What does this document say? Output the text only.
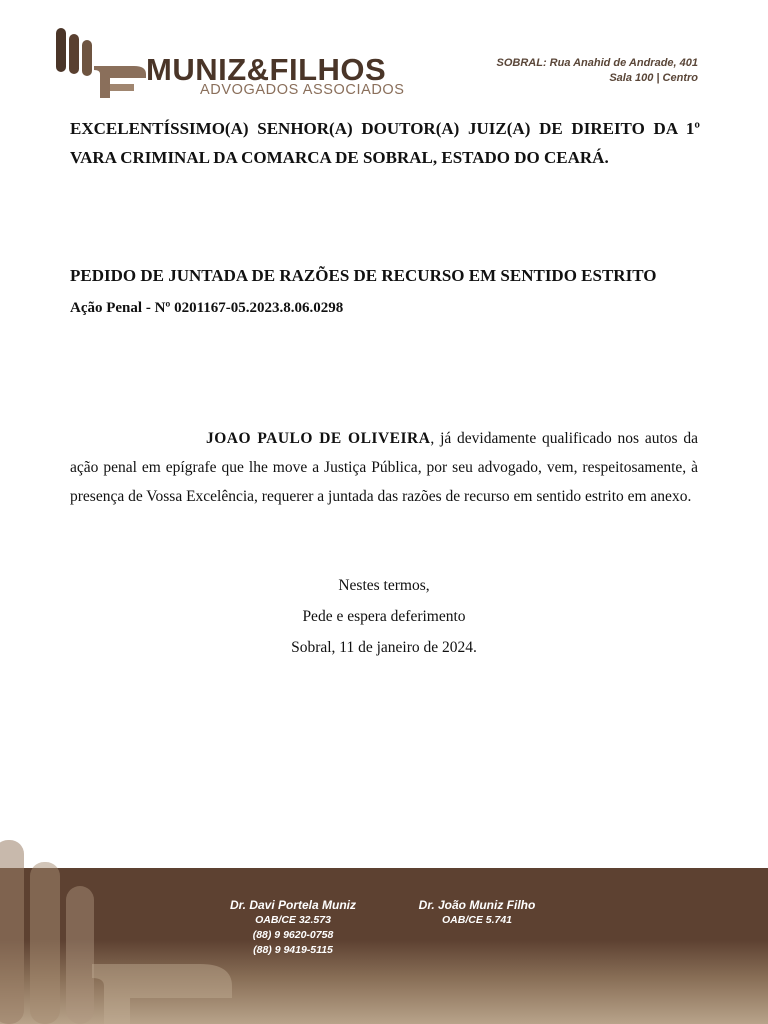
MUNIZ&FILHOS
ADVOGADOS ASSOCIADOS
SOBRAL: Rua Anahid de Andrade, 401
Sala 100 | Centro
EXCELENTÍSSIMO(A) SENHOR(A) DOUTOR(A) JUIZ(A) DE DIREITO DA 1º VARA CRIMINAL DA COMARCA DE SOBRAL, ESTADO DO CEARÁ.
PEDIDO DE JUNTADA DE RAZÕES DE RECURSO EM SENTIDO ESTRITO
Ação Penal - Nº 0201167-05.2023.8.06.0298

JOAO PAULO DE OLIVEIRA, já devidamente qualificado nos autos da ação penal em epígrafe que lhe move a Justiça Pública, por seu advogado, vem, respeitosamente, à presença de Vossa Excelência, requerer a juntada das razões de recurso em sentido estrito em anexo.

Nestes termos,
Pede e espera deferimento
Sobral, 11 de janeiro de 2024.
Dr. Davi Portela Muniz
OAB/CE 32.573
(88) 9 9620-0758
(88) 9 9419-5115
Dr. João Muniz Filho
OAB/CE 5.741
